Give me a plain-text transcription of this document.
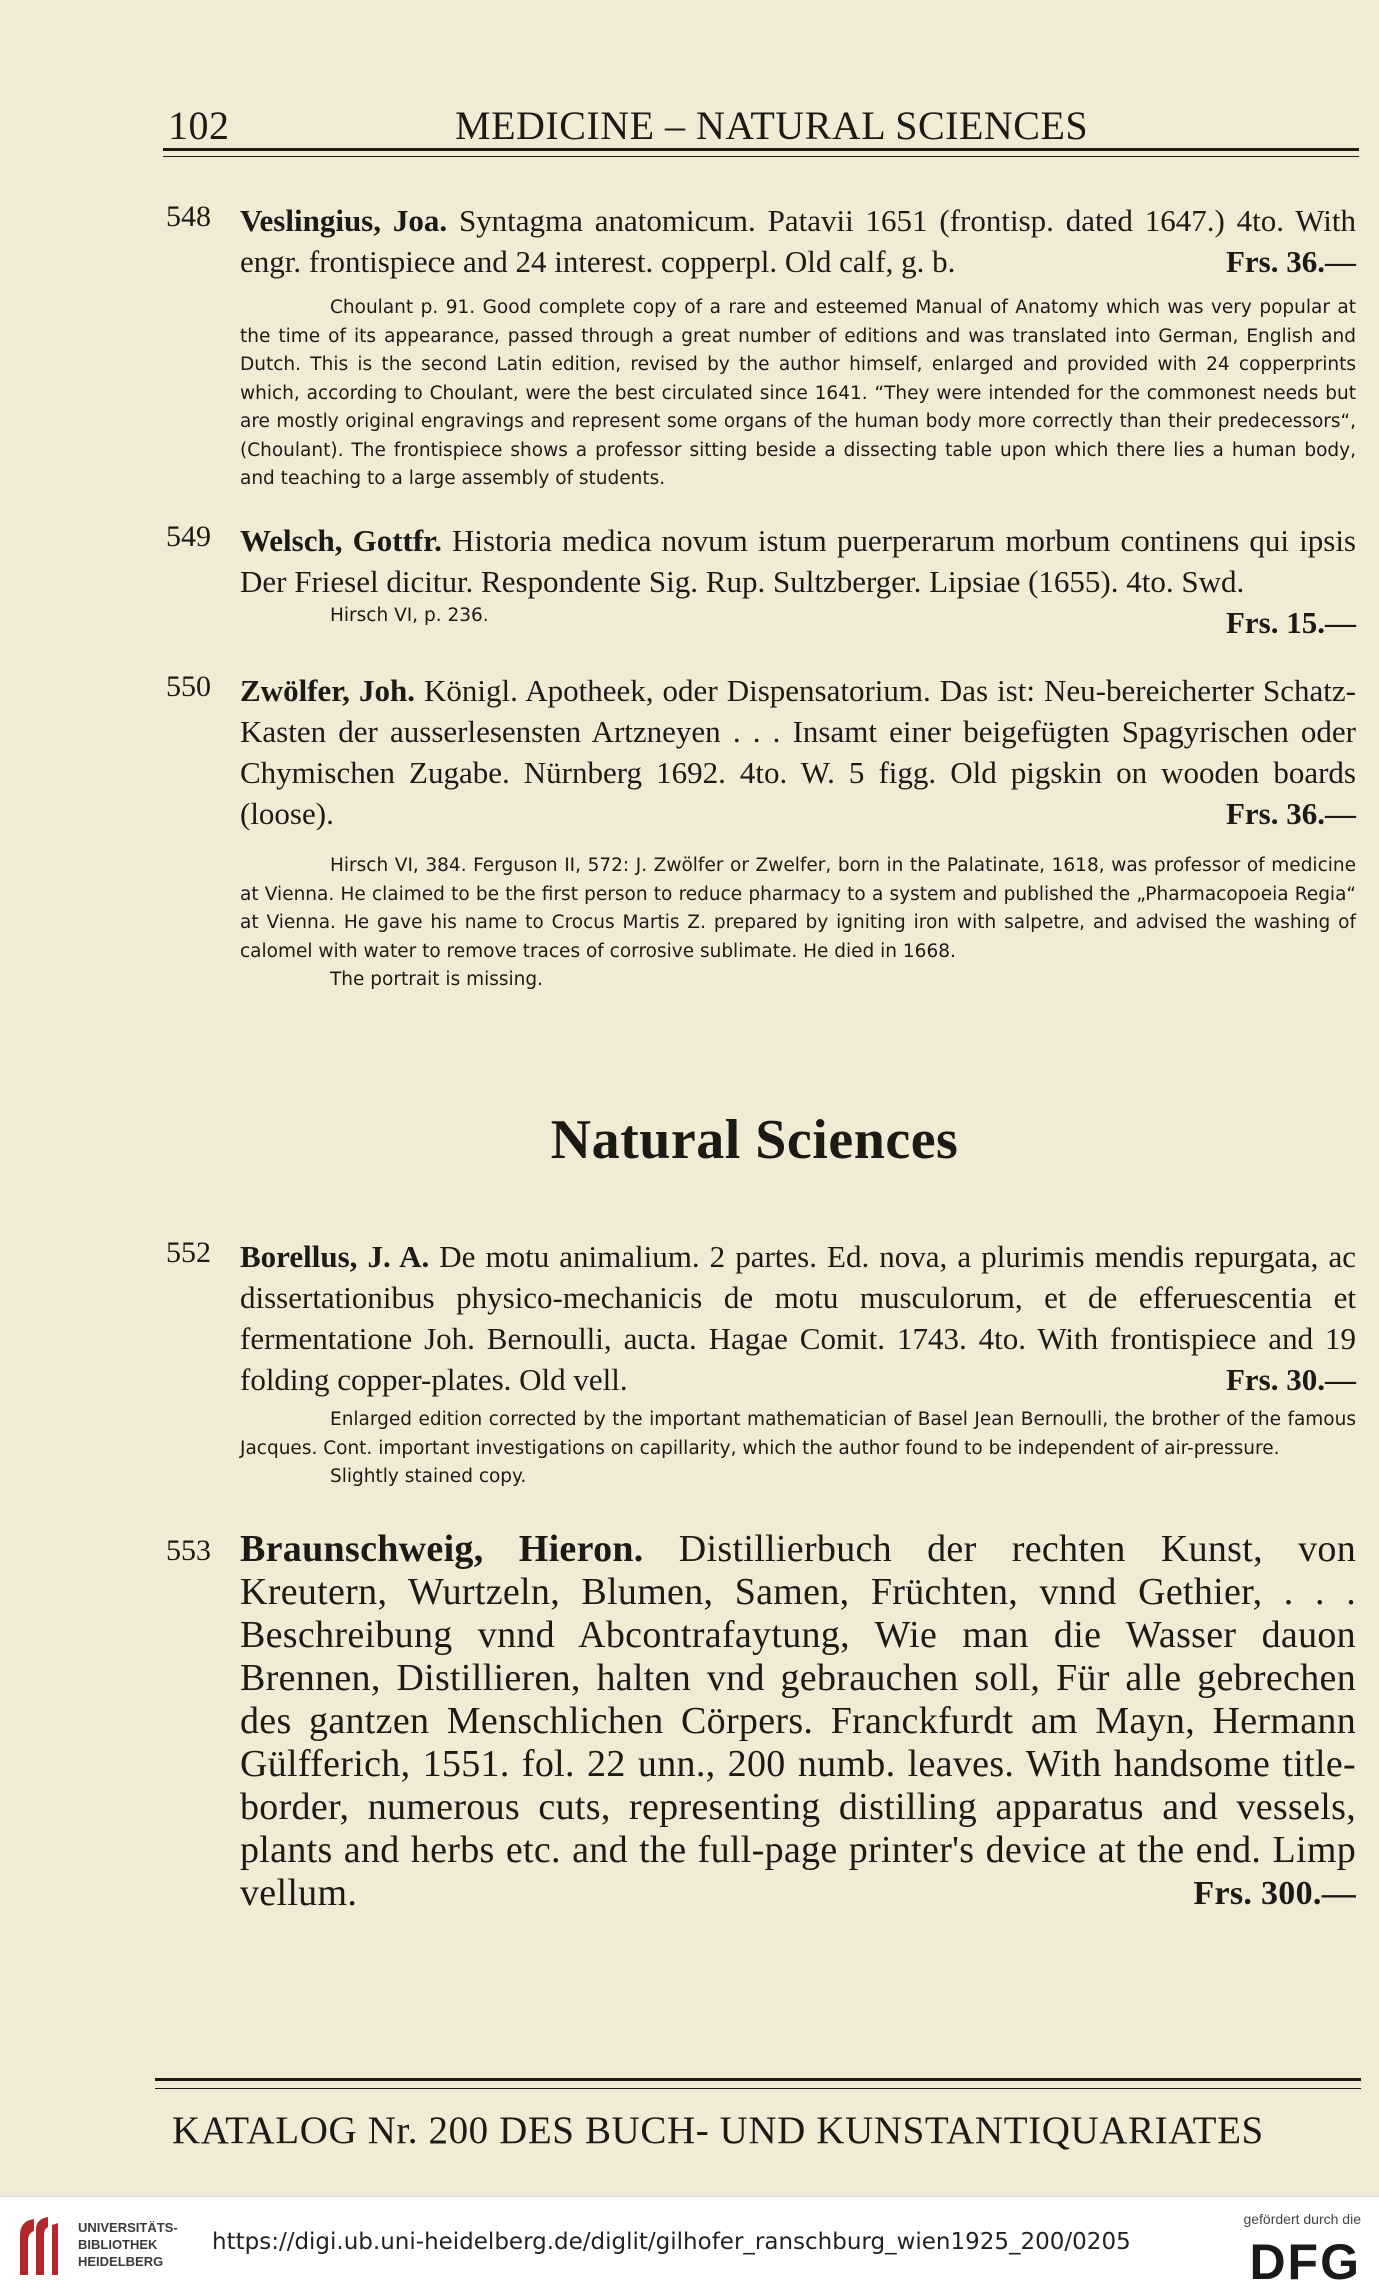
102	MEDICINE – NATURAL SCIENCES
548 Veslingius, Joa. Syntagma anatomicum. Patavii 1651 (frontisp. dated 1647.) 4to. With engr. frontispiece and 24 interest. copperpl. Old calf, g. b.	Frs. 36.—
Choulant p. 91. Good complete copy of a rare and esteemed Manual of Anatomy which was very popular at the time of its appearance, passed through a great number of editions and was translated into German, English and Dutch. This is the second Latin edition, revised by the author himself, enlarged and provided with 24 copperprints which, according to Choulant, were the best circulated since 1641. “They were intended for the commonest needs but are mostly original engravings and represent some organs of the human body more correctly than their predecessors“, (Choulant). The frontispiece shows a professor sitting beside a dissecting table upon which there lies a human body, and teaching to a large assembly of students.
549 Welsch, Gottfr. Historia medica novum istum puerperarum morbum continens qui ipsis Der Friesel dicitur. Respondente Sig. Rup. Sultzberger. Lipsiae (1655). 4to. Swd.
Frs. 15.—
Hirsch VI, p. 236.
550 Zwölfer, Joh. Königl. Apotheek, oder Dispensatorium. Das ist: Neu-bereicherter Schatz-Kasten der ausserlesensten Artzneyen . . . Insamt einer beigefügten Spagyrischen oder Chymischen Zugabe. Nürnberg 1692. 4to. W. 5 figg. Old pigskin on wooden boards (loose).	Frs. 36.—
Hirsch VI, 384. Ferguson II, 572: J. Zwölfer or Zwelfer, born in the Palatinate, 1618, was professor of medicine at Vienna. He claimed to be the first person to reduce pharmacy to a system and published the „Pharmacopoeia Regia“ at Vienna. He gave his name to Crocus Martis Z. prepared by igniting iron with salpetre, and advised the washing of calomel with water to remove traces of corrosive sublimate. He died in 1668.
The portrait is missing.
Natural Sciences
552 Borellus, J. A. De motu animalium. 2 partes. Ed. nova, a plurimis mendis repurgata, ac dissertationibus physico-mechanicis de motu musculorum, et de efferuescentia et fermentatione Joh. Bernoulli, aucta. Hagae Comit. 1743. 4to. With frontispiece and 19 folding copper-plates. Old vell.	Frs. 30.—
Enlarged edition corrected by the important mathematician of Basel Jean Bernoulli, the brother of the famous Jacques. Cont. important investigations on capillarity, which the author found to be independent of air-pressure.
Slightly stained copy.
553 Braunschweig, Hieron. Distillierbuch der rechten Kunst, von Kreutern, Wurtzeln, Blumen, Samen, Früchten, vnnd Gethier, . . . Beschreibung vnnd Abcontrafaytung, Wie man die Wasser dauon Brennen, Distillieren, halten vnd gebrauchen soll, Für alle gebrechen des gantzen Menschlichen Cörpers. Franckfurdt am Mayn, Hermann Gülfferich, 1551. fol. 22 unn., 200 numb. leaves. With handsome title-border, numerous cuts, representing distilling apparatus and vessels, plants and herbs etc. and the full-page printer's device at the end. Limp vellum.	Frs. 300.—
KATALOG Nr. 200 DES BUCH- UND KUNSTANTIQUARIATES
UNIVERSITÄTS-
BIBLIOTHEK
HEIDELBERG
https://digi.ub.uni-heidelberg.de/diglit/gilhofer_ranschburg_wien1925_200/0205
gefördert durch die
DFG
